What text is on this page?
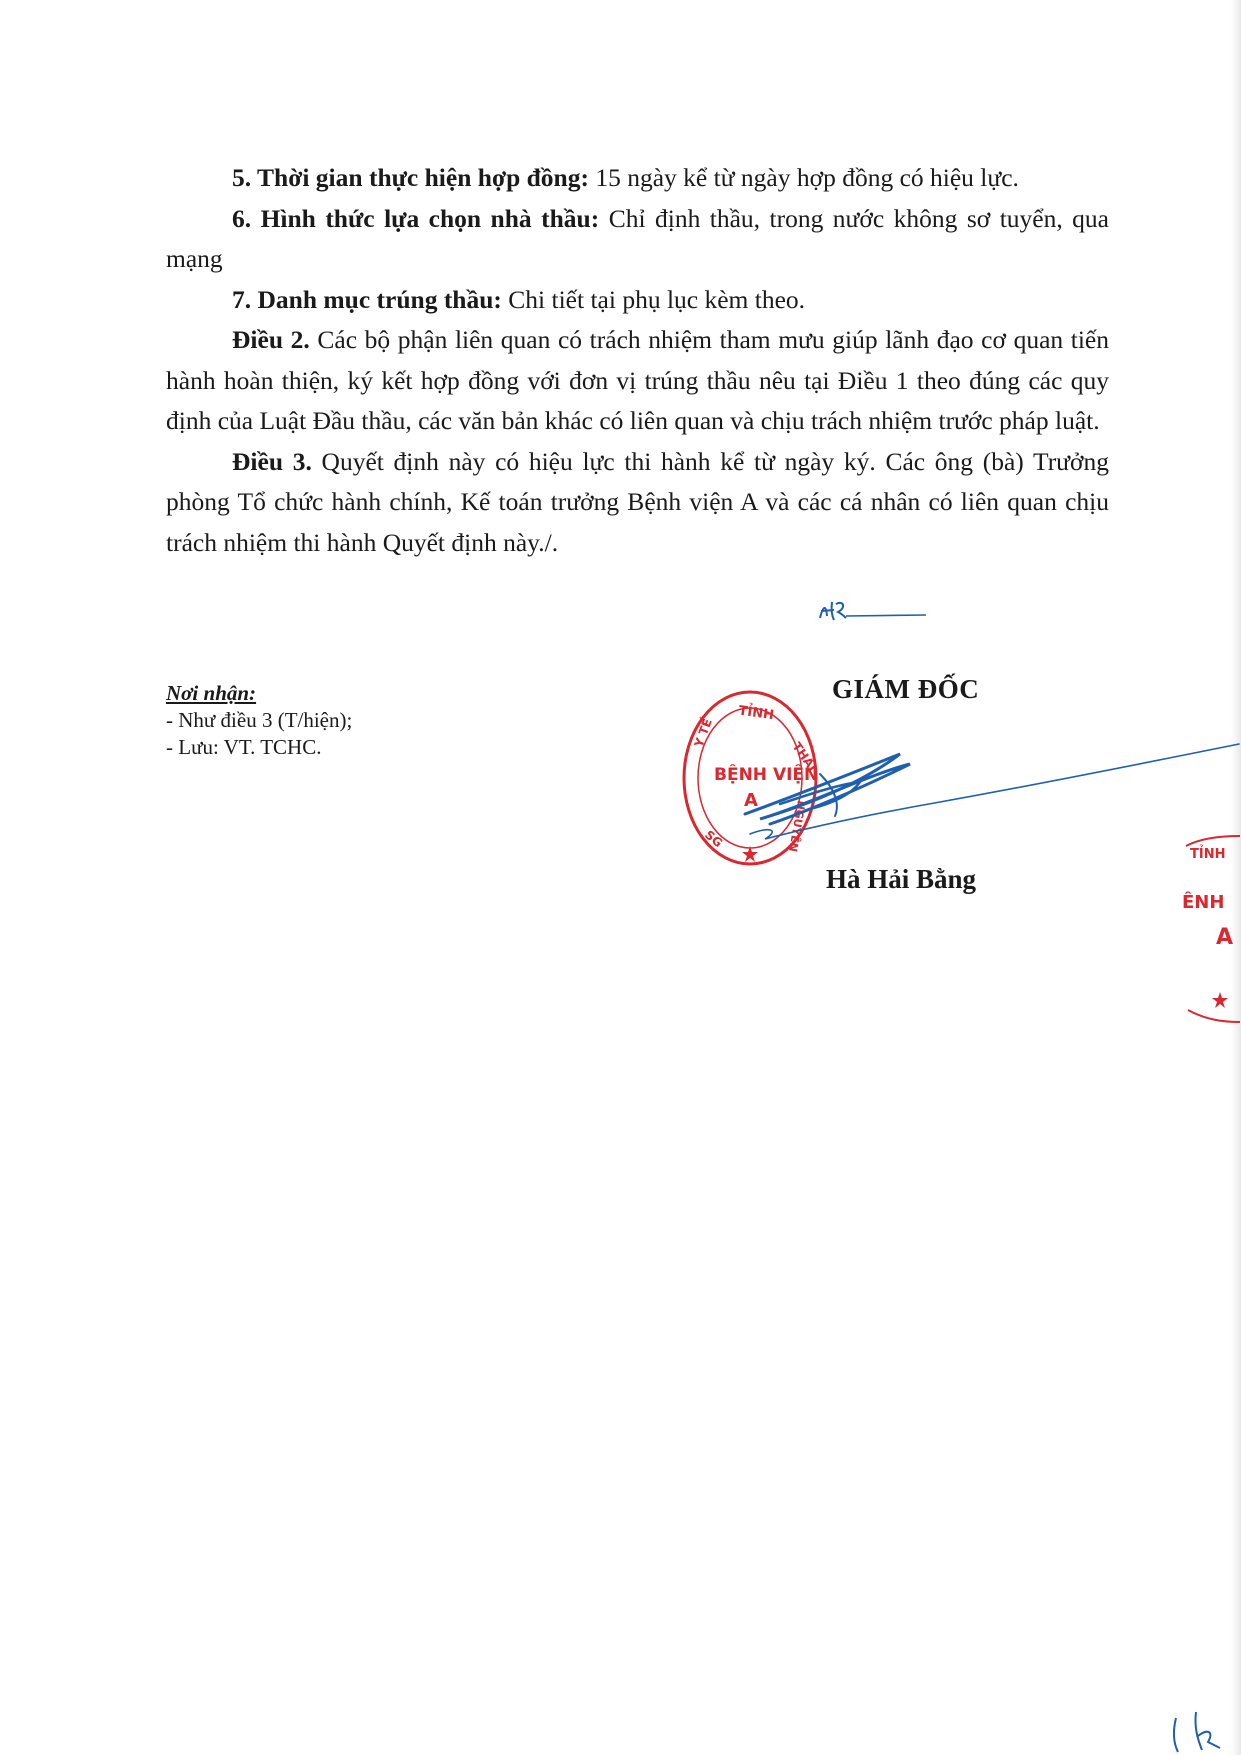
5. Thời gian thực hiện hợp đồng: 15 ngày kể từ ngày hợp đồng có hiệu lực.

6. Hình thức lựa chọn nhà thầu: Chỉ định thầu, trong nước không sơ tuyển, qua mạng

7. Danh mục trúng thầu: Chi tiết tại phụ lục kèm theo.

Điều 2. Các bộ phận liên quan có trách nhiệm tham mưu giúp lãnh đạo cơ quan tiến hành hoàn thiện, ký kết hợp đồng với đơn vị trúng thầu nêu tại Điều 1 theo đúng các quy định của Luật Đầu thầu, các văn bản khác có liên quan và chịu trách nhiệm trước pháp luật.

Điều 3. Quyết định này có hiệu lực thi hành kể từ ngày ký. Các ông (bà) Trưởng phòng Tổ chức hành chính, Kế toán trưởng Bệnh viện A và các cá nhân có liên quan chịu trách nhiệm thi hành Quyết định này./.

Nơi nhận:
- Như điều 3 (T/hiện);
- Lưu: VT. TCHC.
GIÁM ĐỐC
TỈNH
THÁI
BỆNH VIỆN
A
Y TẾ
SG	NGUYÊN
Hà Hải Bằng
TỈNH
ÊNH
A
